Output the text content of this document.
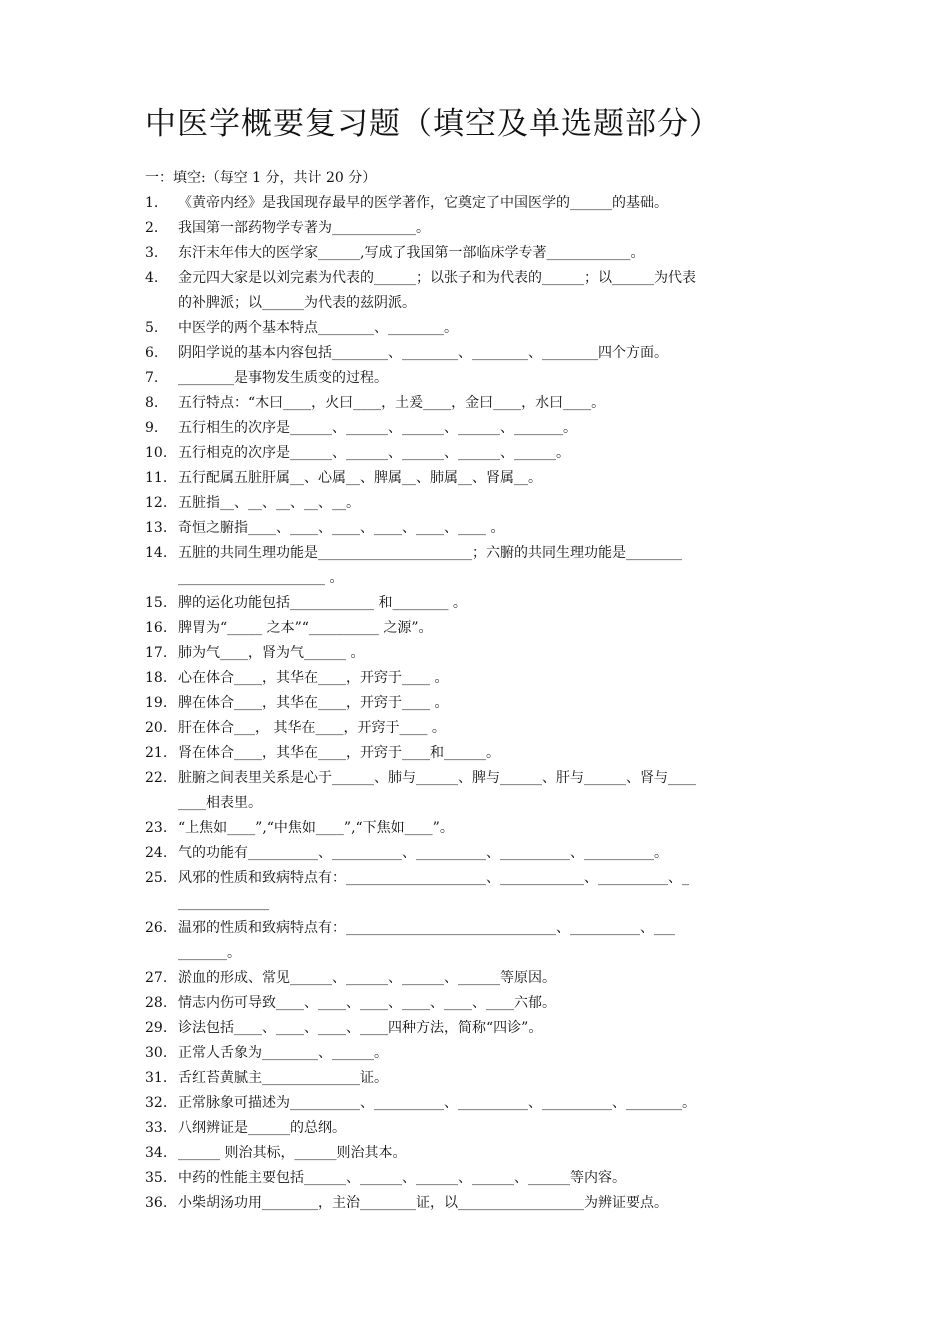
中医学概要复习题（填空及单选题部分）
一：填空:（每空 1 分，共计 20 分）
1.	《黄帝内经》是我国现存最早的医学著作，它奠定了中国医学的______的基础。
2.	我国第一部药物学专著为____________。
3.	东汗末年伟大的医学家______,写成了我国第一部临床学专著____________。
4.	金元四大家是以刘完素为代表的______；以张子和为代表的______；以______为代表
的补脾派；以______为代表的兹阴派。
5.	中医学的两个基本特点________、________。
6.	阴阳学说的基本内容包括________、________、________、________四个方面。
7.	________是事物发生质变的过程。
8.	五行特点：“木曰____，火曰____，土爰____，金曰____，水曰____。
9.	五行相生的次序是______、______、______、______、_______。
10. 五行相克的次序是______、______、______、______、______。
11. 五行配属五脏肝属__、心属__、脾属__、肺属__、肾属__。
12. 五脏指__、__、__、__、__。
13. 奇恒之腑指____、____、____、____、____、____ 。
14. 五脏的共同生理功能是______________________；六腑的共同生理功能是________
_____________________ 。
15. 脾的运化功能包括____________ 和________ 。
16. 脾胃为“_____ 之本”“__________ 之源”。
17. 肺为气____，肾为气______ 。
18. 心在体合____，其华在____，开窍于____ 。
19. 脾在体合____，其华在____，开窍于____ 。
20. 肝在体合___， 其华在____，开窍于____ 。
21. 肾在体合____，其华在____，开窍于____和______。
22. 脏腑之间表里关系是心于______、肺与______、脾与______、肝与______、肾与____
____相表里。
23. “上焦如____”,“中焦如____”,“下焦如____”。
24. 气的功能有__________、__________、__________、__________、__________。
25. 风邪的性质和致病特点有：____________________、____________、__________、_
_____________
26. 温邪的性质和致病特点有：______________________________、__________、___
_______。
27. 淤血的形成、常见______、______、______、______等原因。
28. 情志内伤可导致____、____、____、____、____、____六郁。
29. 诊法包括____、____、____、____四种方法，简称“四诊”。
30. 正常人舌象为________、______。
31. 舌红苔黄腻主______________证。
32. 正常脉象可描述为__________、__________、__________、__________、________。
33. 八纲辨证是______的总纲。
34. ______ 则治其标，______则治其本。
35. 中药的性能主要包括______、______、______、______、______等内容。
36. 小柴胡汤功用________，主治________证，以__________________为辨证要点。
